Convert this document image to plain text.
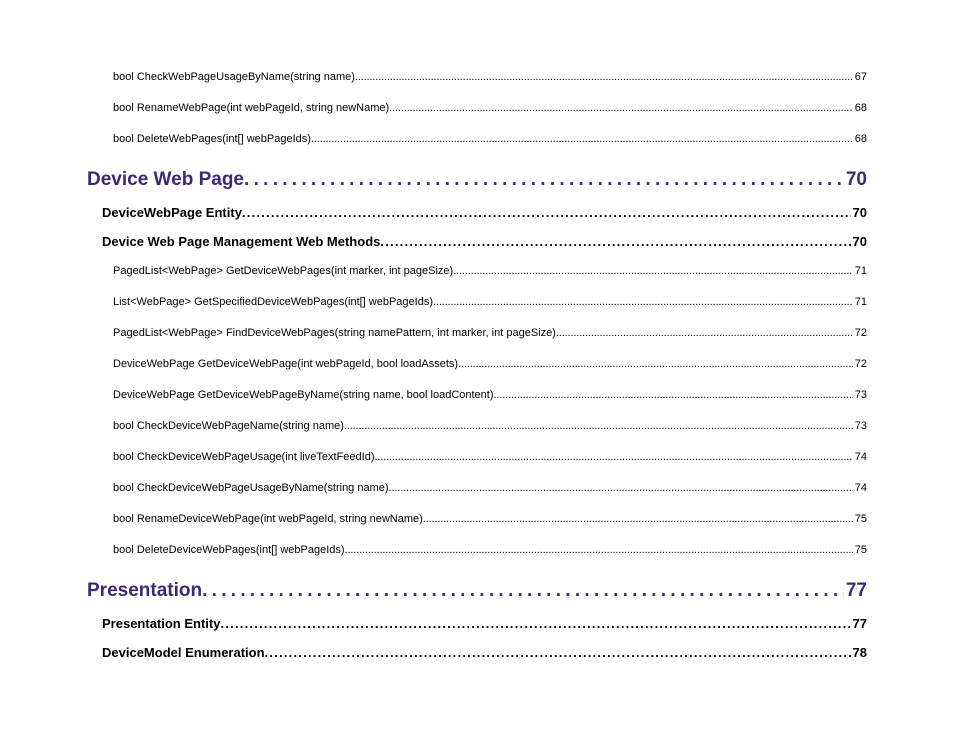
bool CheckWebPageUsageByName(string name) . . .	67
bool RenameWebPage(int webPageId, string newName) . . .	68
bool DeleteWebPages(int[] webPageIds) . . .	68
Device Web Page . . .	70
DeviceWebPage Entity . . .	70
Device Web Page Management Web Methods . . .	70
PagedList<WebPage> GetDeviceWebPages(int marker, int pageSize) . . .	71
List<WebPage> GetSpecifiedDeviceWebPages(int[] webPageIds) . . .	71
PagedList<WebPage> FindDeviceWebPages(string namePattern, int marker, int pageSize) . . .	72
DeviceWebPage GetDeviceWebPage(int webPageId, bool loadAssets) . . .	72
DeviceWebPage GetDeviceWebPageByName(string name, bool loadContent) . . .	73
bool CheckDeviceWebPageName(string name) . . .	73
bool CheckDeviceWebPageUsage(int liveTextFeedId) . . .	74
bool CheckDeviceWebPageUsageByName(string name) . . .	74
bool RenameDeviceWebPage(int webPageId, string newName) . . .	75
bool DeleteDeviceWebPages(int[] webPageIds) . . .	75
Presentation . . .	77
Presentation Entity . . .	77
DeviceModel Enumeration . . .	78
